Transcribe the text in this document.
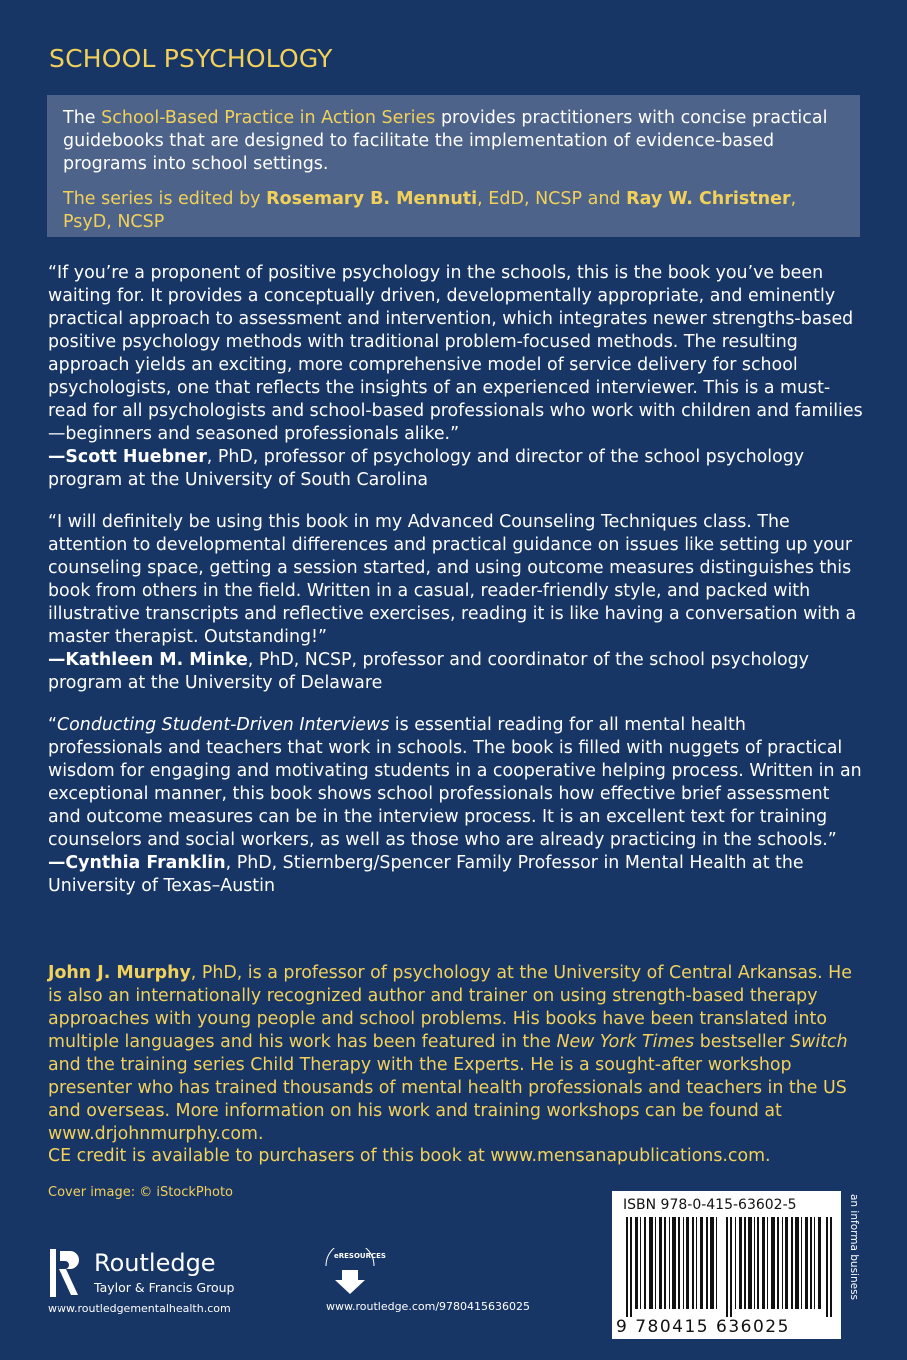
SCHOOL PSYCHOLOGY

The School-Based Practice in Action Series provides practitioners with concise practical guidebooks that are designed to facilitate the implementation of evidence-based programs into school settings.

The series is edited by Rosemary B. Mennuti, EdD, NCSP and Ray W. Christner, PsyD, NCSP

“If you’re a proponent of positive psychology in the schools, this is the book you’ve been waiting for. It provides a conceptually driven, developmentally appropriate, and eminently practical approach to assessment and intervention, which integrates newer strengths-based positive psychology methods with traditional problem-focused methods. The resulting approach yields an exciting, more comprehensive model of service delivery for school psychologists, one that reflects the insights of an experienced interviewer. This is a must-read for all psychologists and school-based professionals who work with children and families—beginners and seasoned professionals alike.”

—Scott Huebner, PhD, professor of psychology and director of the school psychology program at the University of South Carolina

“I will definitely be using this book in my Advanced Counseling Techniques class. The attention to developmental differences and practical guidance on issues like setting up your counseling space, getting a session started, and using outcome measures distinguishes this book from others in the field. Written in a casual, reader-friendly style, and packed with illustrative transcripts and reflective exercises, reading it is like having a conversation with a master therapist. Outstanding!”

—Kathleen M. Minke, PhD, NCSP, professor and coordinator of the school psychology program at the University of Delaware

“Conducting Student-Driven Interviews is essential reading for all mental health professionals and teachers that work in schools. The book is filled with nuggets of practical wisdom for engaging and motivating students in a cooperative helping process. Written in an exceptional manner, this book shows school professionals how effective brief assessment and outcome measures can be in the interview process. It is an excellent text for training counselors and social workers, as well as those who are already practicing in the schools.”

—Cynthia Franklin, PhD, Stiernberg/Spencer Family Professor in Mental Health at the University of Texas–Austin

John J. Murphy, PhD, is a professor of psychology at the University of Central Arkansas. He is also an internationally recognized author and trainer on using strength-based therapy approaches with young people and school problems. His books have been translated into multiple languages and his work has been featured in the New York Times bestseller Switch and the training series Child Therapy with the Experts. He is a sought-after workshop presenter who has trained thousands of mental health professionals and teachers in the US and overseas. More information on his work and training workshops can be found at www.drjohnmurphy.com.
CE credit is available to purchasers of this book at www.mensanapublications.com.
Cover image: © iStockPhoto
Routledge
Taylor & Francis Group
www.routledgementalhealth.com
ROUTLEDGE
eRESOURCES
www.routledge.com/9780415636025
ISBN 978-0-415-63602-5
9 780415 636025
an informa business
